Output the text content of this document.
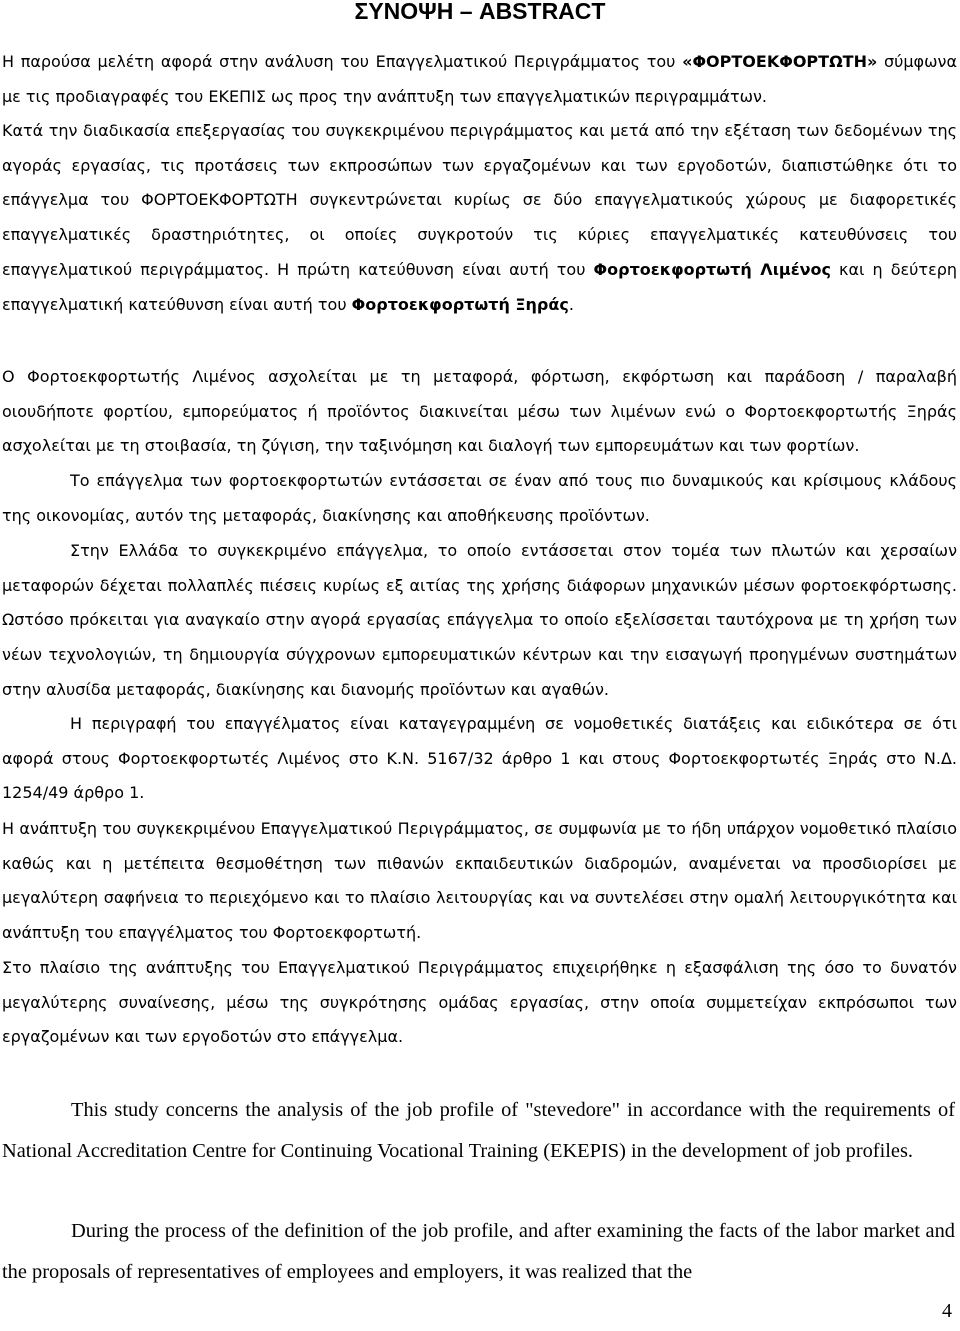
ΣΥΝΟΨΗ – ABSTRACT

Η παρούσα μελέτη αφορά στην ανάλυση του Επαγγελματικού Περιγράμματος του «ΦΟΡΤΟΕΚΦΟΡΤΩΤΗ» σύμφωνα με τις προδιαγραφές του ΕΚΕΠΙΣ ως προς την ανάπτυξη των επαγγελματικών περιγραμμάτων.

Κατά την διαδικασία επεξεργασίας του συγκεκριμένου περιγράμματος και μετά από την εξέταση των δεδομένων της αγοράς εργασίας, τις προτάσεις των εκπροσώπων των εργαζομένων και των εργοδοτών, διαπιστώθηκε ότι το επάγγελμα του ΦΟΡΤΟΕΚΦΟΡΤΩΤΗ συγκεντρώνεται κυρίως σε δύο επαγγελματικούς χώρους με διαφορετικές επαγγελματικές δραστηριότητες, οι οποίες συγκροτούν τις κύριες επαγγελματικές κατευθύνσεις του επαγγελματικού περιγράμματος. Η πρώτη κατεύθυνση είναι αυτή του Φορτοεκφορτωτή Λιμένος και η δεύτερη επαγγελματική κατεύθυνση είναι αυτή του Φορτοεκφορτωτή Ξηράς.

Ο Φορτοεκφορτωτής Λιμένος ασχολείται με τη μεταφορά, φόρτωση, εκφόρτωση και παράδοση / παραλαβή οιουδήποτε φορτίου, εμπορεύματος ή προϊόντος διακινείται μέσω των λιμένων ενώ ο Φορτοεκφορτωτής Ξηράς ασχολείται με τη στοιβασία, τη ζύγιση, την ταξινόμηση και διαλογή των εμπορευμάτων και των φορτίων.

Το επάγγελμα των φορτοεκφορτωτών εντάσσεται σε έναν από τους πιο δυναμικούς και κρίσιμους κλάδους της οικονομίας, αυτόν της μεταφοράς, διακίνησης και αποθήκευσης προϊόντων.

Στην Ελλάδα το συγκεκριμένο επάγγελμα, το οποίο εντάσσεται στον τομέα των πλωτών και χερσαίων μεταφορών δέχεται πολλαπλές πιέσεις κυρίως εξ αιτίας της χρήσης διάφορων μηχανικών μέσων φορτοεκφόρτωσης. Ωστόσο πρόκειται για αναγκαίο στην αγορά εργασίας επάγγελμα το οποίο εξελίσσεται ταυτόχρονα με τη χρήση των νέων τεχνολογιών, τη δημιουργία σύγχρονων εμπορευματικών κέντρων και την εισαγωγή προηγμένων συστημάτων στην αλυσίδα μεταφοράς, διακίνησης και διανομής προϊόντων και αγαθών.

Η περιγραφή του επαγγέλματος είναι καταγεγραμμένη σε νομοθετικές διατάξεις και ειδικότερα σε ότι αφορά στους Φορτοεκφορτωτές Λιμένος στο Κ.Ν. 5167/32 άρθρο 1 και στους Φορτοεκφορτωτές Ξηράς στο Ν.Δ. 1254/49 άρθρο 1.

Η ανάπτυξη του συγκεκριμένου Επαγγελματικού Περιγράμματος, σε συμφωνία με το ήδη υπάρχον νομοθετικό πλαίσιο καθώς και η μετέπειτα θεσμοθέτηση των πιθανών εκπαιδευτικών διαδρομών, αναμένεται να προσδιορίσει με μεγαλύτερη σαφήνεια το περιεχόμενο και το πλαίσιο λειτουργίας και να συντελέσει στην ομαλή λειτουργικότητα και ανάπτυξη του επαγγέλματος του Φορτοεκφορτωτή.

Στο πλαίσιο της ανάπτυξης του Επαγγελματικού Περιγράμματος επιχειρήθηκε η εξασφάλιση της όσο το δυνατόν μεγαλύτερης συναίνεσης, μέσω της συγκρότησης ομάδας εργασίας, στην οποία συμμετείχαν εκπρόσωποι των εργαζομένων και των εργοδοτών στο επάγγελμα.

This study concerns the analysis of the job profile of "stevedore" in accordance with the requirements of National Accreditation Centre for Continuing Vocational Training (EKEPIS) in the development of job profiles.

During the process of the definition of the job profile, and after examining the facts of the labor market and the proposals of representatives of employees and employers, it was realized that the

4
